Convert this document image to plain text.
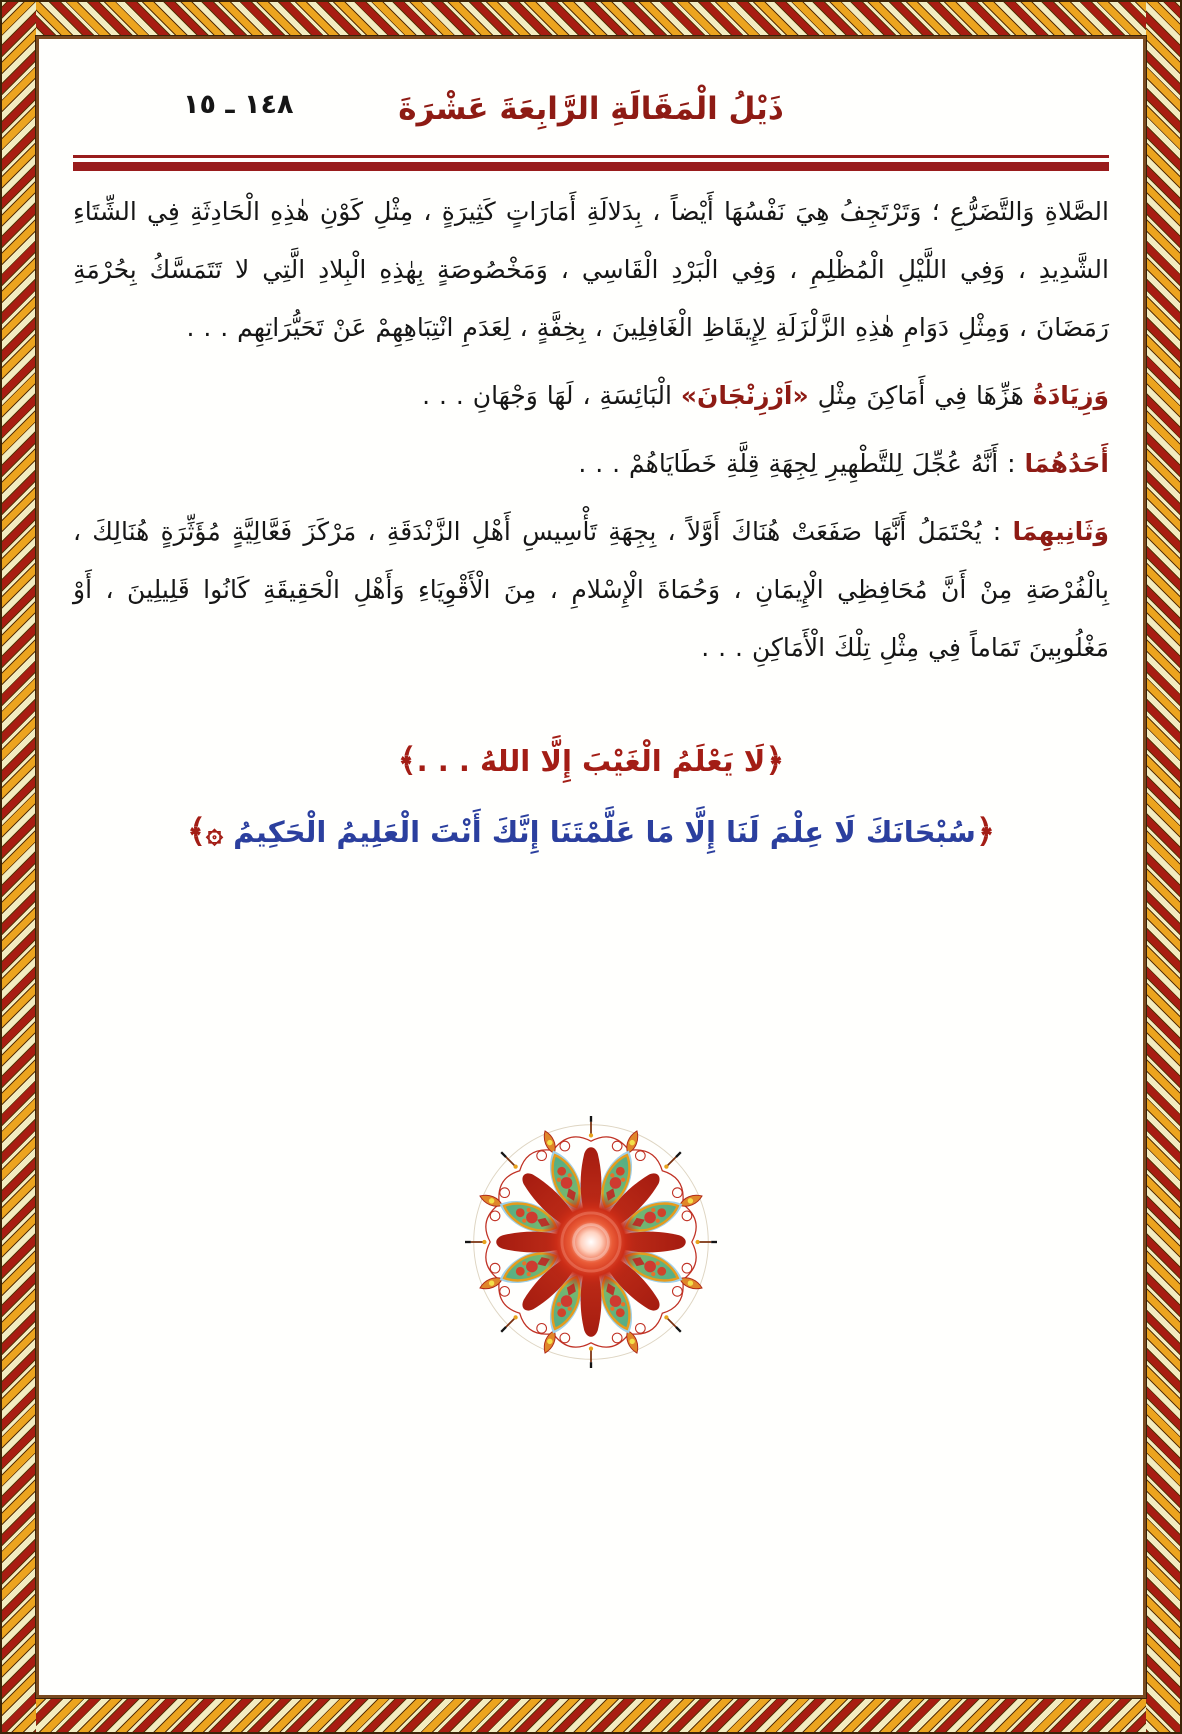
ذَيْلُ الْمَقَالَةِ الرَّابِعَةَ عَشْرَةَ
١٤٨ ـ ١٥

الصَّلاةِ وَالتَّضَرُّعِ ؛ وَتَرْتَجِفُ هِيَ نَفْسُهَا أَيْضاً ، بِدَلالَةِ أَمَارَاتٍ كَثِيرَةٍ ، مِثْلِ كَوْنِ هٰذِهِ الْحَادِثَةِ فِي الشِّتَاءِ الشَّدِيدِ ، وَفِي اللَّيْلِ الْمُظْلِمِ ، وَفِي الْبَرْدِ الْقَاسِي ، وَمَخْصُوصَةٍ بِهٰذِهِ الْبِلادِ الَّتِي لا تَتَمَسَّكُ بِحُرْمَةِ رَمَضَانَ ، وَمِثْلِ دَوَامِ هٰذِهِ الزَّلْزَلَةِ لِإِيقَاظِ الْغَافِلِينَ ، بِخِفَّةٍ ، لِعَدَمِ انْتِبَاهِهِمْ عَنْ تَحَيُّرَاتِهِم . . .

وَزِيَادَةُ هَزِّهَا فِي أَمَاكِنَ مِثْلِ «اَرْزِنْجَانَ» الْبَائِسَةِ ، لَهَا وَجْهَانِ . . .

أَحَدُهُمَا : أَنَّهُ عُجِّلَ لِلتَّطْهِيرِ لِجِهَةِ قِلَّةِ خَطَايَاهُمْ . . .

وَثَانِيهِمَا : يُحْتَمَلُ أَنَّهَا صَفَعَتْ هُنَاكَ أَوَّلاً ، بِجِهَةِ تَأْسِيسِ أَهْلِ الزَّنْدَقَةِ ، مَرْكَزَ فَعَّالِيَّةٍ مُؤَثِّرَةٍ هُنَالِكَ ، بِالْفُرْصَةِ مِنْ أَنَّ مُحَافِظِي الْإِيمَانِ ، وَحُمَاةَ الْإِسْلامِ ، مِنَ الْأَقْوِيَاءِ وَأَهْلِ الْحَقِيقَةِ كَانُوا قَلِيلِينَ ، أَوْ مَغْلُوبِينَ تَمَاماً فِي مِثْلِ تِلْكَ الْأَمَاكِنِ . . .

﴿لَا يَعْلَمُ الْغَيْبَ إِلَّا اللهُ . . .﴾

﴿سُبْحَانَكَ لَا عِلْمَ لَنَا إِلَّا مَا عَلَّمْتَنَا إِنَّكَ أَنْتَ الْعَلِيمُ الْحَكِيمُ ۞﴾
